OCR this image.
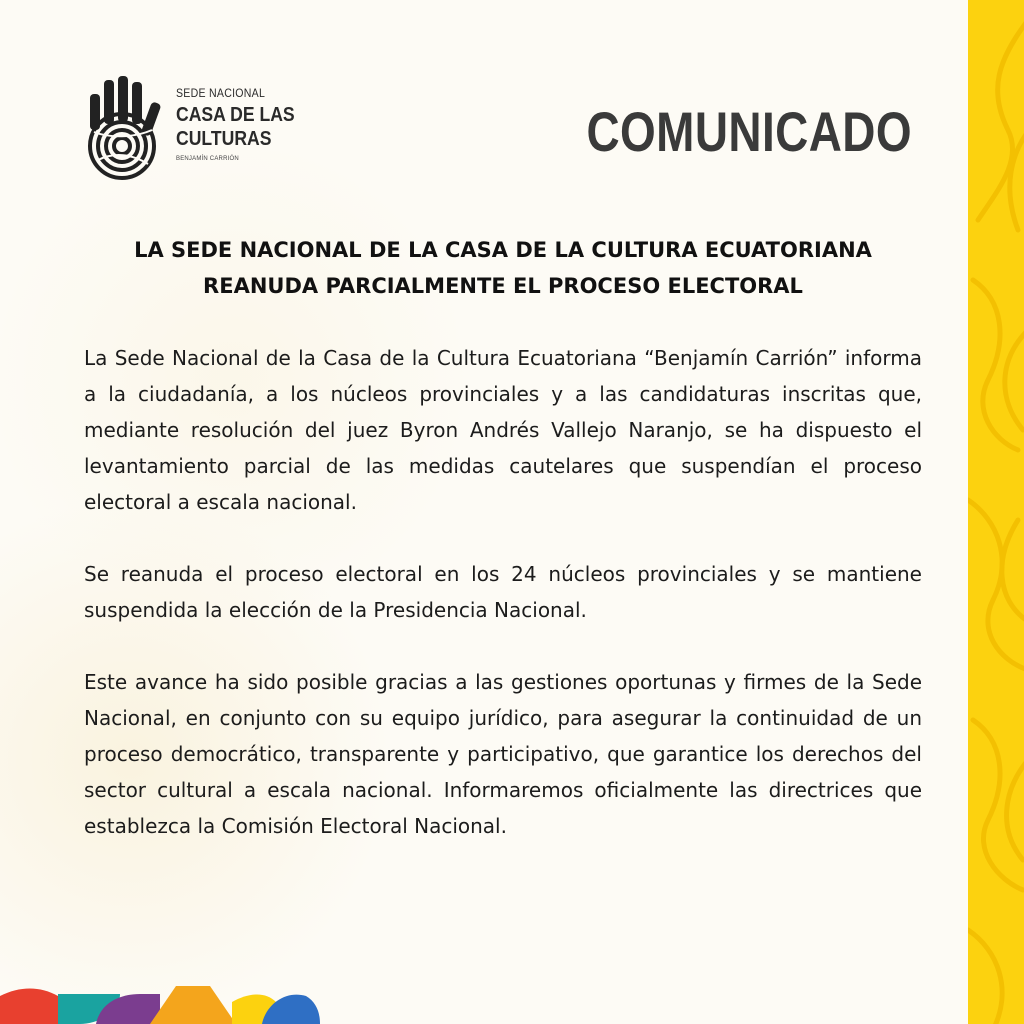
SEDE NACIONAL
CASA DE LAS
CULTURAS
BENJAMÍN CARRIÓN	COMUNICADO
LA SEDE NACIONAL DE LA CASA DE LA CULTURA ECUATORIANA
REANUDA PARCIALMENTE EL PROCESO ELECTORAL

La Sede Nacional de la Casa de la Cultura Ecuatoriana “Benjamín Carrión” informa a la ciudadanía, a los núcleos provinciales y a las candidaturas inscritas que, mediante resolución del juez Byron Andrés Vallejo Naranjo, se ha dispuesto el levantamiento parcial de las medidas cautelares que suspendían el proceso electoral a escala nacional.

Se reanuda el proceso electoral en los 24 núcleos provinciales y se mantiene suspendida la elección de la Presidencia Nacional.

Este avance ha sido posible gracias a las gestiones oportunas y firmes de la Sede Nacional, en conjunto con su equipo jurídico, para asegurar la continuidad de un proceso democrático, transparente y participativo, que garantice los derechos del sector cultural a escala nacional. Informaremos oficialmente las directrices que establezca la Comisión Electoral Nacional.
